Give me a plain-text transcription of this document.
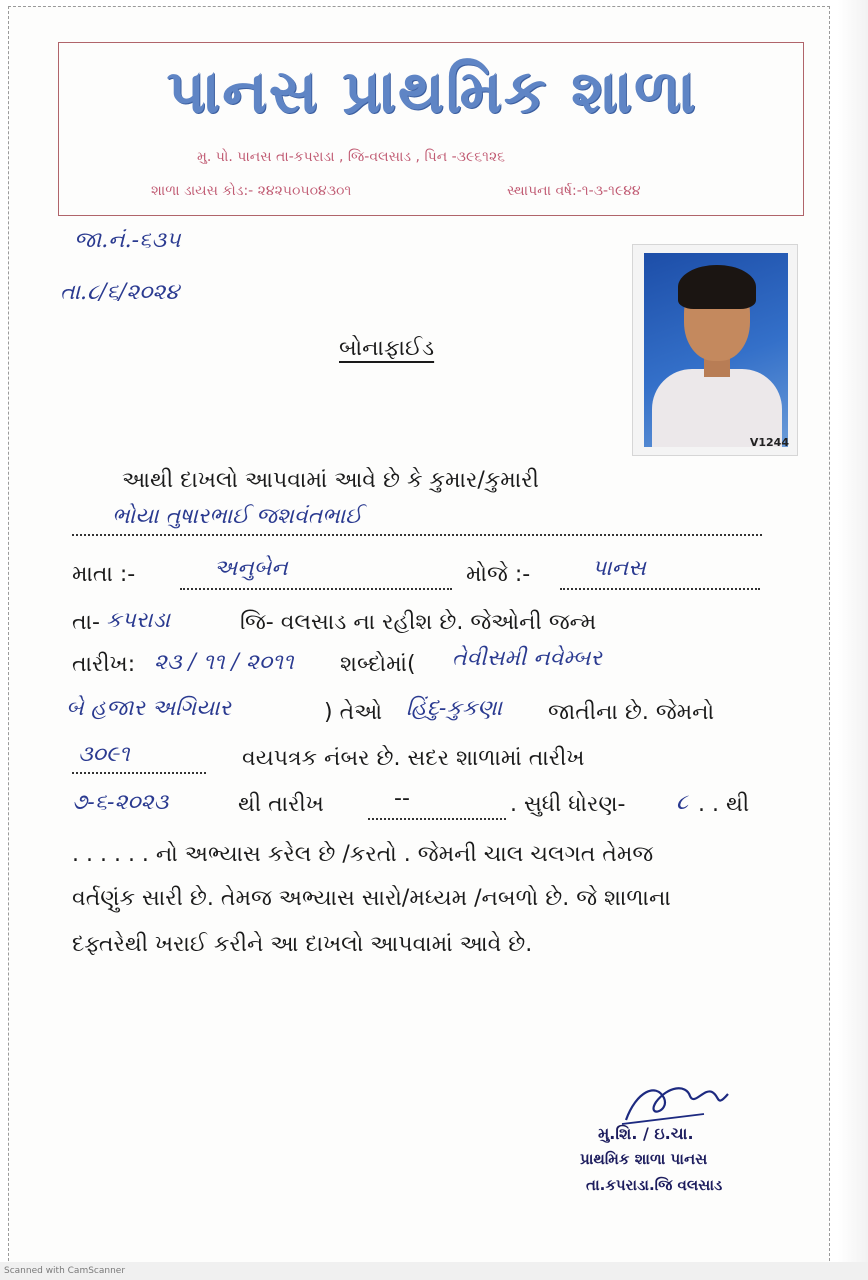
પાનસ પ્રાથમિક શાળા
મુ. પો. પાનસ તા-કપરાડા , જિ-વલસાડ , પિન -૩૯૬૧૨૬
શાળા ડાયસ કોડ:- ૨૪૨૫૦૫૦૪૩૦૧	સ્થાપના વર્ષ:-૧-૩-૧૯૪૪
જા.નં.-૬૩૫
તા.૮/૬/૨૦૨૪
બોનાફાઈડ
V1244
આથી દાખલો આપવામાં આવે છે કે કુમાર/કુમારી
ભોયા તુષારભાઈ જશવંતભાઈ
માતા :-	અનુબેન	મોજે :-	પાનસ
તા- કપરાડા	જિ- વલસાડ ના રહીશ છે. જેઓની જન્મ
તારીખ: ૨૩ / ૧૧ / ૨૦૧૧ શબ્દોમાં( તેવીસમી નવેમ્બર
બે હજાર અગિયાર	) તેઓ હિંદુ-કુકણા જાતીના છે. જેમનો
૩૦૯૧	વયપત્રક નંબર છે. સદર શાળામાં તારીખ
૭-૬-૨૦૨૩	થી તારીખ	--	. સુધી ધોરણ- ૮ . . થી
. . . . . . નો અભ્યાસ કરેલ છે /કરતો . જેમની ચાલ ચલગત તેમજ
વર્તણુંક સારી છે. તેમજ અભ્યાસ સારો/મધ્યમ /નબળો છે. જે શાળાના
દફ્તરેથી ખરાઈ કરીને આ દાખલો આપવામાં આવે છે.
મુ.શિ. / ઇ.ચા.
પ્રાથમિક શાળા પાનસ
તા.કપરાડા.જિ વલસાડ
Scanned with CamScanner
